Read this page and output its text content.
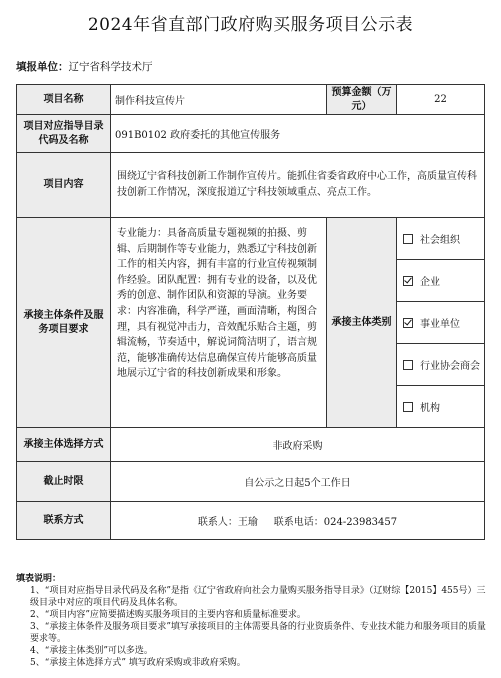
2024年省直部门政府购买服务项目公示表
填报单位：辽宁省科学技术厅
项目名称	制作科技宣传片	预算金额（万元）	22
项目对应指导目录代码及名称	091B0102 政府委托的其他宣传服务
项目内容	围绕辽宁省科技创新工作制作宣传片。能抓住省委省政府中心工作，高质量宣传科技创新工作情况，深度报道辽宁科技领域重点、亮点工作。
承接主体条件及服务项目要求	专业能力：具备高质量专题视频的拍摄、剪辑、后期制作等专业能力，熟悉辽宁科技创新工作的相关内容，拥有丰富的行业宣传视频制作经验。团队配置：拥有专业的设备，以及优秀的创意、制作团队和资源的导演。业务要求：内容准确，科学严谨，画面清晰，构图合理，具有视觉冲击力，音效配乐贴合主题，剪辑流畅，节奏适中，解说词简洁明了，语言规范，能够准确传达信息确保宣传片能够高质量地展示辽宁省的科技创新成果和形象。	承接主体类别	
社会组织
企业
事业单位
行业协会商会
机构

承接主体选择方式	非政府采购
截止时限	自公示之日起5个工作日
联系方式	联系人：王瑜 联系电话：024-23983457
填表说明：
1、“项目对应指导目录代码及名称”是指《辽宁省政府向社会力量购买服务指导目录》（辽财综【2015】455号）三级目录中对应的项目代码及具体名称。
2、“项目内容”应简要描述购买服务项目的主要内容和质量标准要求。
3、“承接主体条件及服务项目要求”填写承接项目的主体需要具备的行业资质条件、专业技术能力和服务项目的质量要求等。
4、“承接主体类别”可以多选。
5、“承接主体选择方式” 填写政府采购或非政府采购。
